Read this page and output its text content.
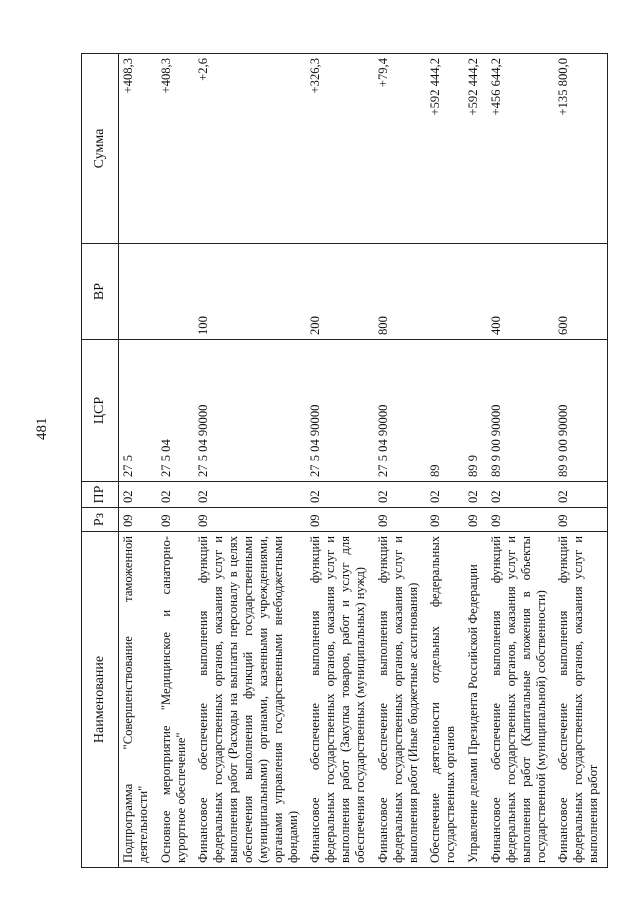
481
Наименование	Рз	ПР	ЦСР	ВР	Сумма
Подпрограмма "Совершенствование таможенной деятельности"	09	02	27 5		+408,3
Основное мероприятие "Медицинское и санаторно-курортное обеспечение"	09	02	27 5 04		+408,3
Финансовое обеспечение выполнения функций федеральных государственных органов, оказания услуг и выполнения работ (Расходы на выплаты персоналу в целях обеспечения выполнения функций государственными (муниципальными) органами, казенными учреждениями, органами управления государственными внебюджетными фондами)	09	02	27 5 04 90000	100	+2,6
Финансовое обеспечение выполнения функций федеральных государственных органов, оказания услуг и выполнения работ (Закупка товаров, работ и услуг для обеспечения государственных (муниципальных) нужд)	09	02	27 5 04 90000	200	+326,3
Финансовое обеспечение выполнения функций федеральных государственных органов, оказания услуг и выполнения работ (Иные бюджетные ассигнования)	09	02	27 5 04 90000	800	+79,4
Обеспечение деятельности отдельных федеральных государственных органов	09	02	89		+592 444,2
Управление делами Президента Российской Федерации	09	02	89 9		+592 444,2
Финансовое обеспечение выполнения функций федеральных государственных органов, оказания услуг и выполнения работ (Капитальные вложения в объекты государственной (муниципальной) собственности)	09	02	89 9 00 90000	400	+456 644,2
Финансовое обеспечение выполнения функций федеральных государственных органов, оказания услуг и выполнения работ	09	02	89 9 00 90000	600	+135 800,0
